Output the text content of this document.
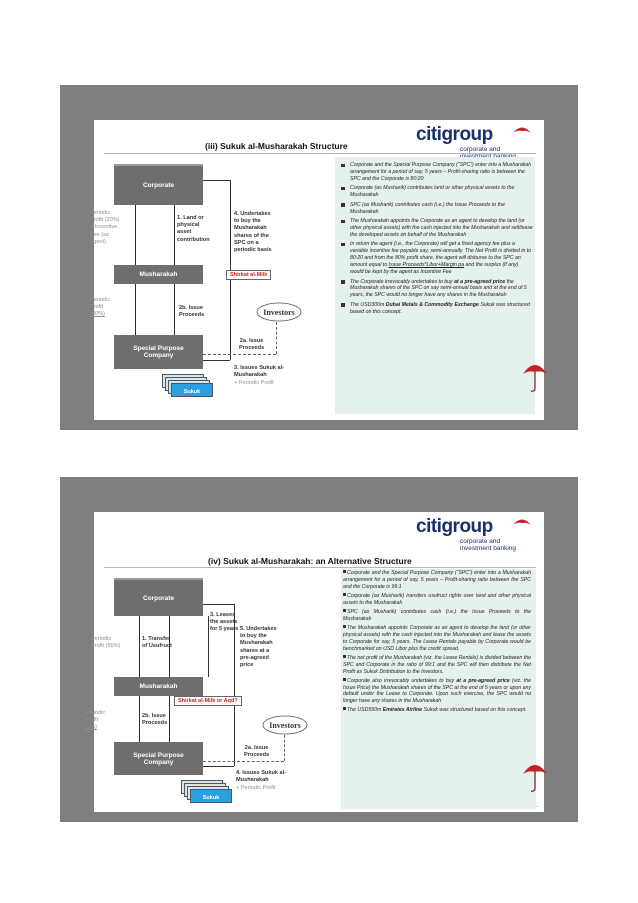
citigroup
corporate and
(iii) Sukuk al-Musharakah Structure
Corporate
Musharakah
Special Purpose Company
Periodic
Profit (20%)
+ Incentive
Fee (as
agent)
1. Land or
physical
asset
contribution
4. Undertakes
to buy the
Musharakah
shares of the
SPC on a
periodic basis
Shirkat al-Milk
Periodic
Profit
(80%)
2b. Issue
Proceeds	Investors
2a. Issue
Proceeds
3. Issues Sukuk al-
Musharakah
+ Periodic Profit
Sukuk
Corporate and the Special Purpose Company (“SPC”) enter into a Musharakah arrangement for a period of say, 5 years – Profit-sharing ratio is between the SPC and the Corporate is 80:20
Corporate (as Musharik) contributes land or other physical assets to the Musharakah
SPC (as Musharik) contributes cash (i.e.) the Issue Proceeds to the Musharakah
The Musharakah appoints the Corporate as an agent to develop the land (or other physical assets) with the cash injected into the Musharakah and sell/lease the developed assets on behalf of the Musharakah
In return the agent (i.e., the Corporate) will get a fixed agency fee plus a variable incentive fee payable say, semi-annually. The Net Profit is divided in to 80:20 and from the 80% profit share, the agent will disburse to the SPC an amount equal to Issue Proceeds*Libor+Margin pa and the surplus (if any) would be kept by the agent as Incentive Fee
The Corporate irrevocably undertakes to buy at a pre-agreed price the Musharakah shares of the SPC on say semi-annual basis and at the end of 5 years, the SPC would no longer have any shares in the Musharakah
The USD300m Dubai Metals & Commodity Exchange Sukuk was structured based on this concept.
citigroup
corporate and
investment banking
(iv) Sukuk al-Musharakah: an Alternative Structure
Corporate
Musharakah
Special Purpose Company
3. Leases
the assets
for 5 years 5. Undertakes
to buy the
Musharakah
shares at a
pre-agreed
price
Periodic
Profit (99%)
1. Transfer
of Usufruct
Shirkat al-Milk or Aqd?
Periodic
Profit
(1%)
2b. Issue
Proceeds	Investors
2a. Issue
Proceeds
4. Issues Sukuk al-
Musharakah
+ Periodic Profit
Sukuk
Corporate and the Special Purpose Company (“SPC”) enter into a Musharakah arrangement for a period of say, 5 years – Profit-sharing ratio between the SPC and the Corporate is 99:1
Corporate (as Musharik) transfers usufruct rights over land and other physical assets to the Musharakah
SPC (as Musharik) contributes cash (i.e.) the Issue Proceeds to the Musharakah
The Musharakah appoints Corporate as an agent to develop the land (or other physical assets) with the cash injected into the Musharakah and lease the assets to Corporate for say, 5 years. The Lease Rentals payable by Corporate would be benchmarked on USD Libor plus the credit spread.
The net profit of the Musharakah (viz. the Lease Rentals) is divided between the SPC and Corporate in the ratio of 99:1 and the SPC will then distribute the Net Profit as Sukuk Distribution to the Investors.
Corporate also irrevocably undertakes to buy at a pre-agreed price (viz. the Issue Price) the Musharakah shares of the SPC at the end of 5 years or upon any default under the Lease to Corporate. Upon such exercise, the SPC would no longer have any shares in the Musharakah
The USD550m Emirates Airline Sukuk was structured based on this concept.
-
